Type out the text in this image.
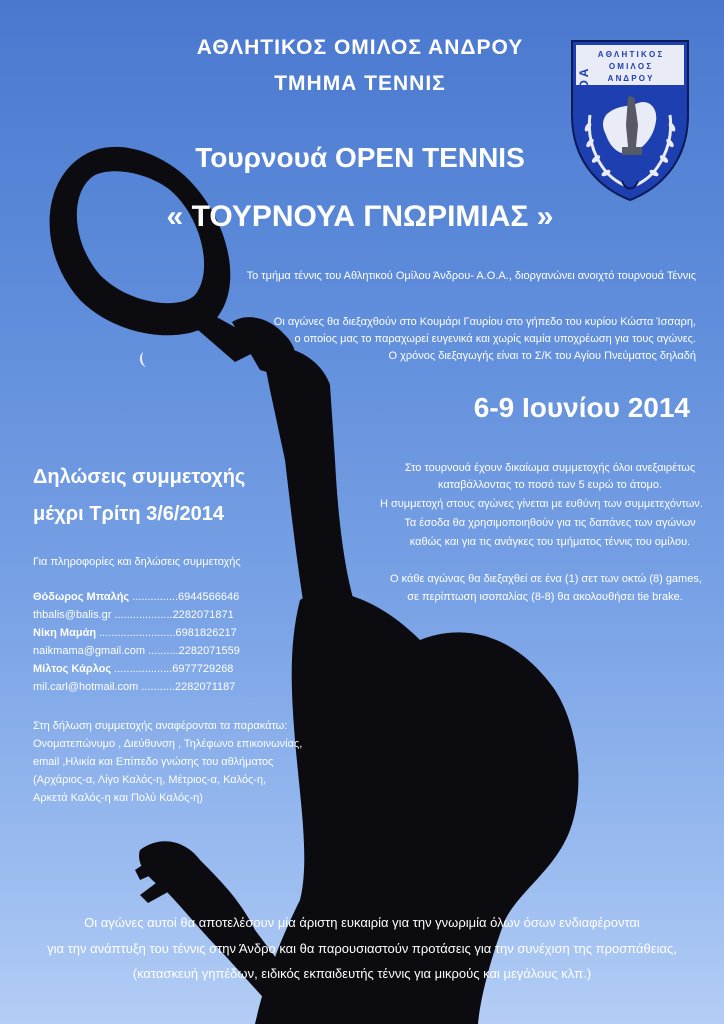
Α Θ Λ Η Τ Ι Κ Ο Σ
Ο Μ Ι Λ Ο Σ
Α Ν Δ Ρ Ο Υ
Α Ο Α
ΑΘΛΗΤΙΚΟΣ ΟΜΙΛΟΣ ΑΝΔΡΟΥ
ΤΜΗΜΑ ΤΕΝΝΙΣ
Τουρνουά OPEN TENNIS
« ΤΟΥΡΝΟΥΑ ΓΝΩΡΙΜΙΑΣ »
Το τμήμα τέννις του Αθλητικού Ομίλου Άνδρου- Α.Ο.Α., διοργανώνει ανοιχτό τουρνουά Τέννις
Οι αγώνες θα διεξαχθούν στο Κουμάρι Γαυρίου στο γήπεδο του κυρίου Κώστα Ίσσαρη,
ο οποίος μας το παραχωρεί ευγενικά και χωρίς καμία υποχρέωση για τους αγώνες.
Ο χρόνος διεξαγωγής είναι το Σ/Κ του Αγίου Πνεύματος δηλαδή
6-9 Ιουνίου 2014
Στο τουρνουά έχουν δικαίωμα συμμετοχής όλοι ανεξαιρέτως
καταβάλλοντας το ποσό των 5 ευρώ το άτομο.
Η συμμετοχή στους αγώνες γίνεται με ευθύνη των συμμετεχόντων.
Τα έσοδα θα χρησιμοποιηθούν για τις δαπάνες των αγώνων
καθώς και για τις ανάγκες του τμήματος τέννις του ομίλου.
Ο κάθε αγώνας θα διεξαχθεί σε ένα (1) σετ των οκτώ (8) games,
σε περίπτωση ισοπαλίας (8-8) θα ακολουθήσει tie brake.
Δηλώσεις συμμετοχής
μέχρι Τρίτη 3/6/2014
Για πληροφορίες και δηλώσεις συμμετοχής
Θόδωρος Μπαλής ...............6944566646
thbalis@balis.gr ...................2282071871
Νίκη Μαμάη .........................6981826217
naikmama@gmail.com ..........2282071559
Μίλτος Κάρλος ...................6977729268
mil.carl@hotmail.com ...........2282071187
Στη δήλωση συμμετοχής αναφέρονται τα παρακάτω:
Ονοματεπώνυμο , Διεύθυνση , Τηλέφωνο επικοινωνίας,
email ,Ηλικία και Επίπεδο γνώσης του αθλήματος
(Αρχάριος-α, Λίγο Καλός-η, Μέτριος-α, Καλός-η,
Αρκετά Καλός-η και Πολύ Καλός-η)
Οι αγώνες αυτοί θα αποτελέσουν μία άριστη ευκαιρία για την γνωριμία όλων όσων ενδιαφέρονται
για την ανάπτυξη του τέννις στην Άνδρο και θα παρουσιαστούν προτάσεις για την συνέχιση της προσπάθειας,
(κατασκευή γηπέδων, ειδικός εκπαιδευτής τέννις για μικρούς και μεγάλους κλπ.)
